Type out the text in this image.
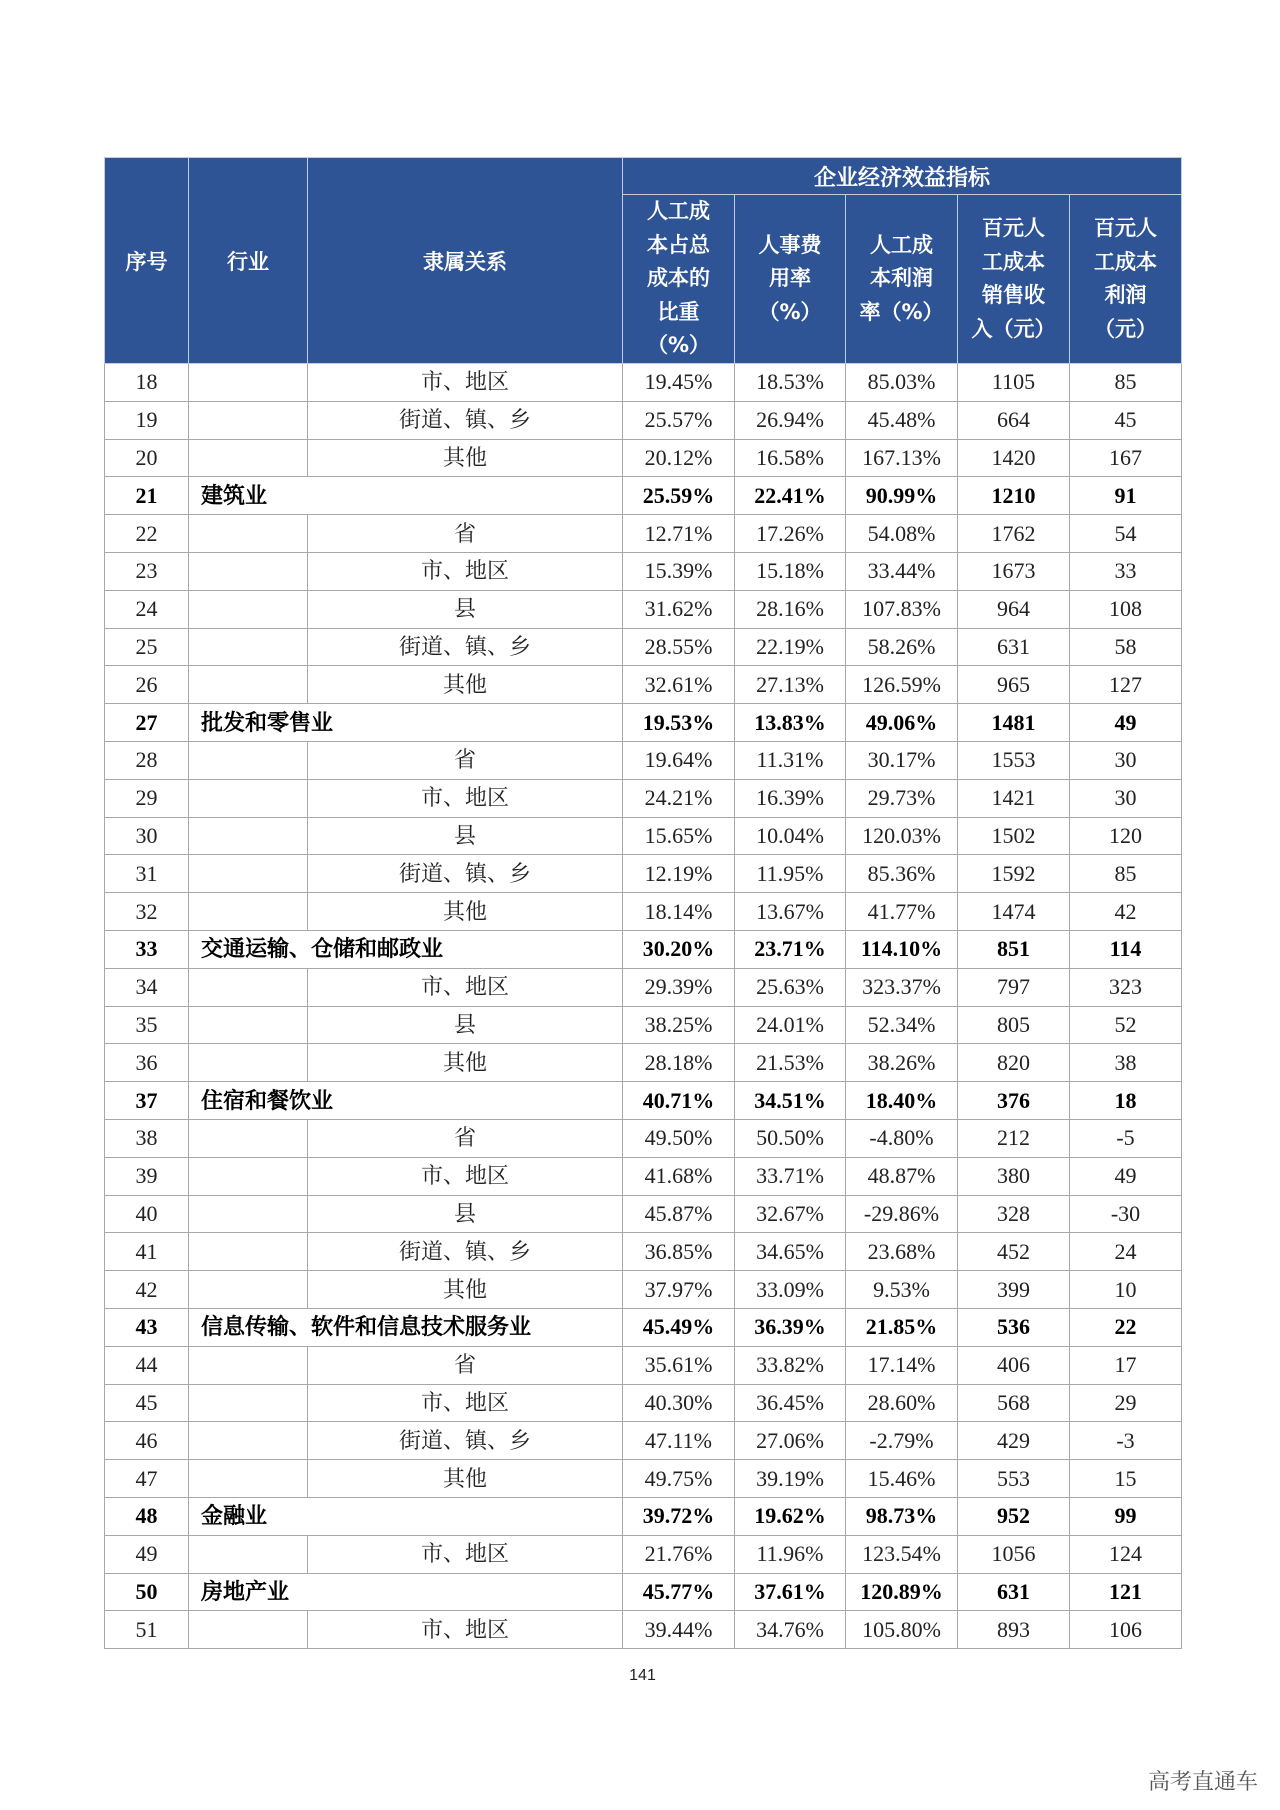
序号	行业	隶属关系	企业经济效益指标				

			人工成
本占总
成本的
比重
（%）	人事费
用率
（%）	人工成
本利润
率（%）	百元人
工成本
销售收
入（元）	百元人
工成本
利润
（元）

18		市、地区	19.45%	18.53%	85.03%	1105	85
19		街道、镇、乡	25.57%	26.94%	45.48%	664	45
20		其他	20.12%	16.58%	167.13%	1420	167
21	建筑业		25.59%	22.41%	90.99%	1210	91
22		省	12.71%	17.26%	54.08%	1762	54
23		市、地区	15.39%	15.18%	33.44%	1673	33
24		县	31.62%	28.16%	107.83%	964	108
25		街道、镇、乡	28.55%	22.19%	58.26%	631	58
26		其他	32.61%	27.13%	126.59%	965	127
27	批发和零售业		19.53%	13.83%	49.06%	1481	49
28		省	19.64%	11.31%	30.17%	1553	30
29		市、地区	24.21%	16.39%	29.73%	1421	30
30		县	15.65%	10.04%	120.03%	1502	120
31		街道、镇、乡	12.19%	11.95%	85.36%	1592	85
32		其他	18.14%	13.67%	41.77%	1474	42
33	交通运输、仓储和邮政业		30.20%	23.71%	114.10%	851	114
34		市、地区	29.39%	25.63%	323.37%	797	323
35		县	38.25%	24.01%	52.34%	805	52
36		其他	28.18%	21.53%	38.26%	820	38
37	住宿和餐饮业		40.71%	34.51%	18.40%	376	18
38		省	49.50%	50.50%	-4.80%	212	-5
39		市、地区	41.68%	33.71%	48.87%	380	49
40		县	45.87%	32.67%	-29.86%	328	-30
41		街道、镇、乡	36.85%	34.65%	23.68%	452	24
42		其他	37.97%	33.09%	9.53%	399	10
43	信息传输、软件和信息技术服务业		45.49%	36.39%	21.85%	536	22
44		省	35.61%	33.82%	17.14%	406	17
45		市、地区	40.30%	36.45%	28.60%	568	29
46		街道、镇、乡	47.11%	27.06%	-2.79%	429	-3
47		其他	49.75%	39.19%	15.46%	553	15
48	金融业		39.72%	19.62%	98.73%	952	99
49		市、地区	21.76%	11.96%	123.54%	1056	124
50	房地产业		45.77%	37.61%	120.89%	631	121
51		市、地区	39.44%	34.76%	105.80%	893	106
141
高考直通车
